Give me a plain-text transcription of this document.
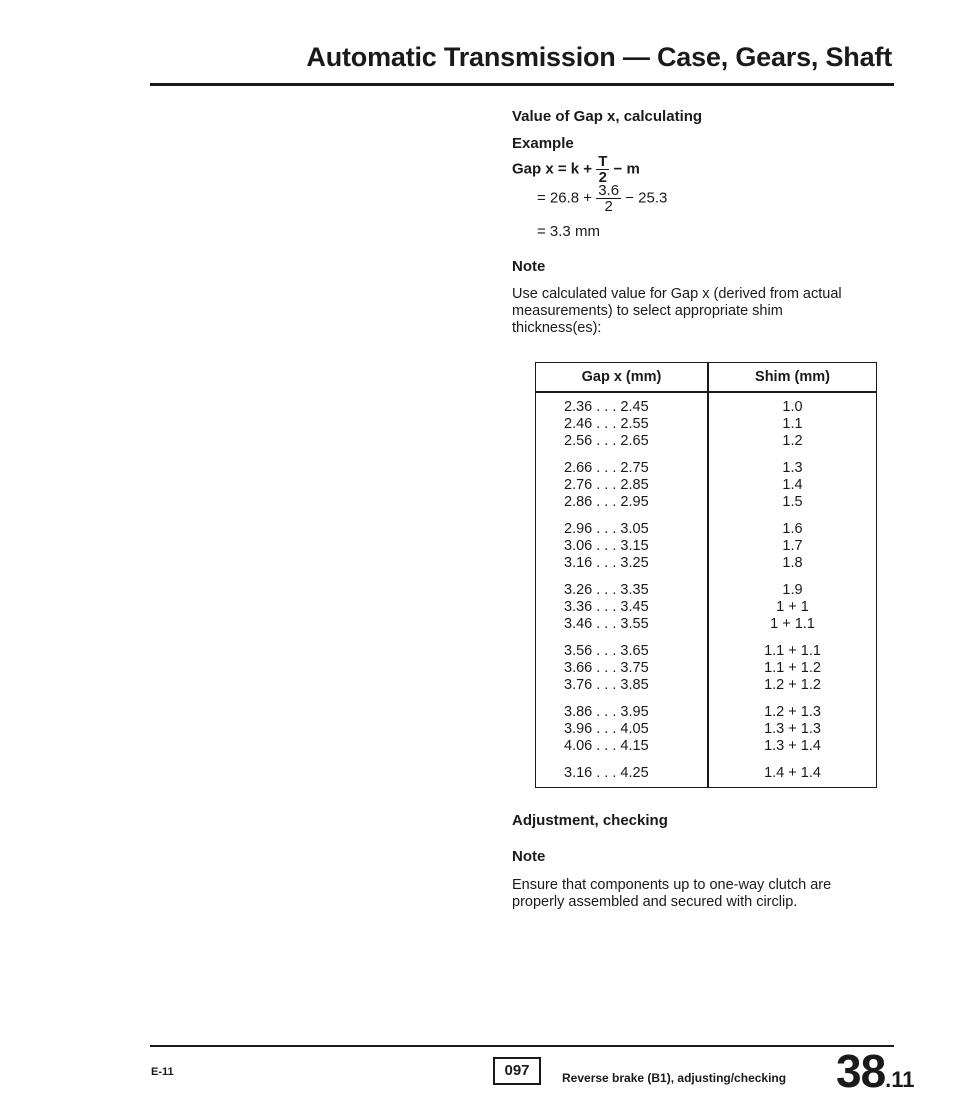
Automatic Transmission — Case, Gears, Shaft
Value of Gap x, calculating
Example
Gap $x = k + \frac{T}{2} - m$
= $26.8 + \frac{3.6}{2} - 25.3$
= 3.3 mm
Note
Use calculated value for Gap x (derived from actual measurements) to select appropriate shim thickness(es):
Gap x (mm)	Shim (mm)
2.36 . . . 2.45	1.0
2.46 . . . 2.55	1.1
2.56 . . . 2.65	1.2
2.66 . . . 2.75	1.3
2.76 . . . 2.85	1.4
2.86 . . . 2.95	1.5
2.96 . . . 3.05	1.6
3.06 . . . 3.15	1.7
3.16 . . . 3.25	1.8
3.26 . . . 3.35	1.9
3.36 . . . 3.45	1 + 1
3.46 . . . 3.55	1 + 1.1
3.56 . . . 3.65	1.1 + 1.1
3.66 . . . 3.75	1.1 + 1.2
3.76 . . . 3.85	1.2 + 1.2
3.86 . . . 3.95	1.2 + 1.3
3.96 . . . 4.05	1.3 + 1.3
4.06 . . . 4.15	1.3 + 1.4
3.16 . . . 4.25	1.4 + 1.4
Adjustment, checking
Note
Ensure that components up to one-way clutch are properly assembled and secured with circlip.
E-11	097	Reverse brake (B1), adjusting/checking 38.11
